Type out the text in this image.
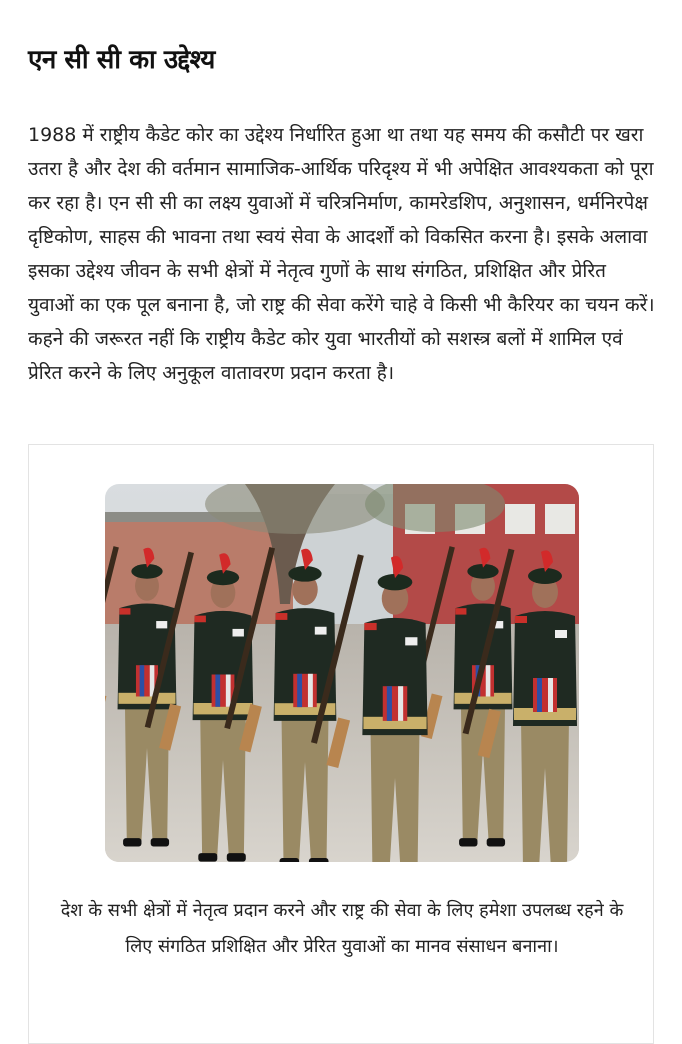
एन सी सी का उद्देश्य

1988 में राष्ट्रीय कैडेट कोर का उद्देश्य निर्धारित हुआ था तथा यह समय की कसौटी पर खरा उतरा है और देश की वर्तमान सामाजिक-आर्थिक परिदृश्य में भी अपेक्षित आवश्यकता को पूरा कर रहा है। एन सी सी का लक्ष्य युवाओं में चरित्रनिर्माण, कामरेडशिप, अनुशासन, धर्मनिरपेक्ष दृष्टिकोण, साहस की भावना तथा स्वयं सेवा के आदर्शों को विकसित करना है। इसके अलावा इसका उद्देश्य जीवन के सभी क्षेत्रों में नेतृत्व गुणों के साथ संगठित, प्रशिक्षित और प्रेरित युवाओं का एक पूल बनाना है, जो राष्ट्र की सेवा करेंगे चाहे वे किसी भी कैरियर का चयन करें। कहने की जरूरत नहीं कि राष्ट्रीय कैडेट कोर युवा भारतीयों को सशस्त्र बलों में शामिल एवं प्रेरित करने के लिए अनुकूल वातावरण प्रदान करता है।

देश के सभी क्षेत्रों में नेतृत्व प्रदान करने और राष्ट्र की सेवा के लिए हमेशा उपलब्ध रहने के लिए संगठित प्रशिक्षित और प्रेरित युवाओं का मानव संसाधन बनाना।
